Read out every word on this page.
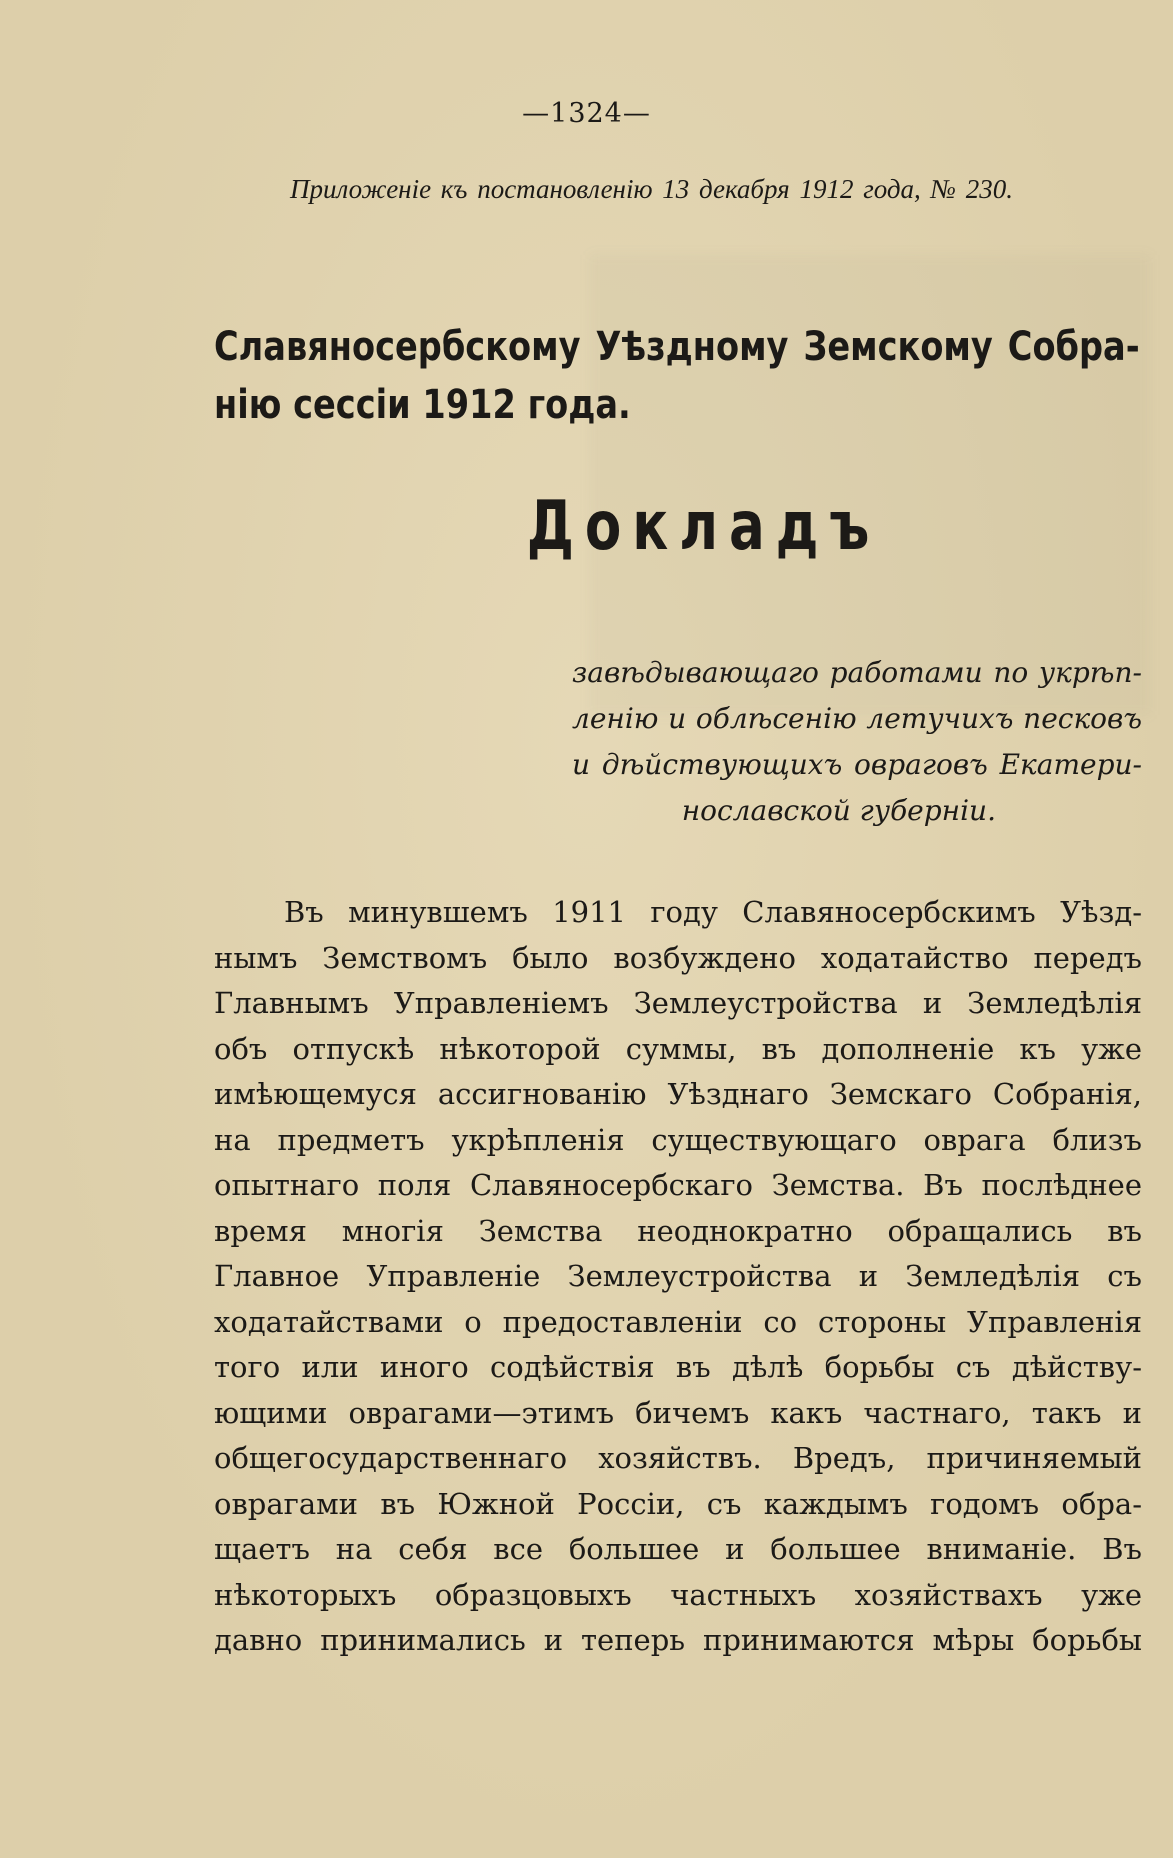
—1324—
Приложенiе къ постановленiю 13 декабря 1912 года, № 230.
Славяносербскому Уѣздному Земскому Собра-
нiю сессiи 1912 года.
Докладъ
завѣдывающаго работами по укрѣп-
ленiю и облѣсенiю летучихъ песковъ
и дѣйствующихъ овраговъ Екатери-
нославской губернiи.
Въ минувшемъ 1911 году Славяносербскимъ Уѣзд-
нымъ Земствомъ было возбуждено ходатайство передъ
Главнымъ Управленiемъ Землеустройства и Земледѣлiя
объ отпускѣ нѣкоторой суммы, въ дополненiе къ уже
имѣющемуся ассигнованiю Уѣзднаго Земскаго Собранiя,
на предметъ укрѣпленiя существующаго оврага близъ
опытнаго поля Славяносербскаго Земства. Въ послѣднее
время многiя Земства неоднократно обращались въ
Главное Управленiе Землеустройства и Земледѣлiя съ
ходатайствами о предоставленiи со стороны Управленiя
того или иного содѣйствiя въ дѣлѣ борьбы съ дѣйству-
ющими оврагами—этимъ бичемъ какъ частнаго, такъ и
общегосударственнаго хозяйствъ. Вредъ, причиняемый
оврагами въ Южной Россiи, съ каждымъ годомъ обра-
щаетъ на себя все большее и большее вниманiе. Въ
нѣкоторыхъ образцовыхъ частныхъ хозяйствахъ уже
давно принимались и теперь принимаются мѣры борьбы
